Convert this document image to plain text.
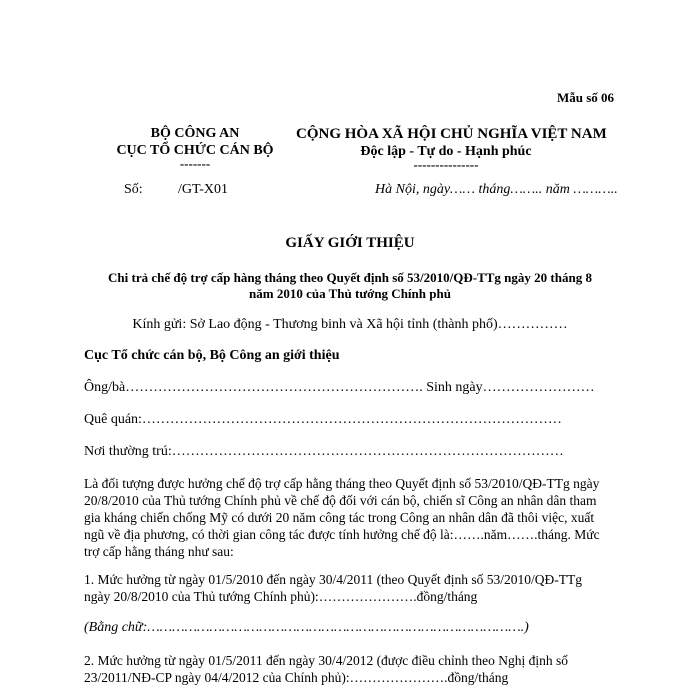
Mẫu số 06
BỘ CÔNG AN
CỤC TỔ CHỨC CÁN BỘ
-------
Số:	/GT-X01
CỘNG HÒA XÃ HỘI CHỦ NGHĨA VIỆT NAM
Độc lập - Tự do - Hạnh phúc
---------------
Hà Nội, ngày…… tháng…….. năm ………..
GIẤY GIỚI THIỆU
Chi trả chế độ trợ cấp hàng tháng theo Quyết định số 53/2010/QĐ-TTg ngày 20 tháng 8
năm 2010 của Thủ tướng Chính phủ
Kính gửi: Sở Lao động - Thương binh và Xã hội tỉnh (thành phố)……………
Cục Tổ chức cán bộ, Bộ Công an giới thiệu
Ông/bà………………………………………………………. Sinh ngày……………………
Quê quán:………………………………………………………………………………
Nơi thường trú:…………………………………………………………………………
Là đối tượng được hưởng chế độ trợ cấp hằng tháng theo Quyết định số 53/2010/QĐ-TTg ngày 20/8/2010 của Thủ tướng Chính phủ về chế độ đối với cán bộ, chiến sĩ Công an nhân dân tham gia kháng chiến chống Mỹ có dưới 20 năm công tác trong Công an nhân dân đã thôi việc, xuất ngũ về địa phương, có thời gian công tác được tính hưởng chế độ là:…….năm…….tháng. Mức trợ cấp hằng tháng như sau:
1. Mức hưởng từ ngày 01/5/2010 đến ngày 30/4/2011 (theo Quyết định số 53/2010/QĐ-TTg ngày 20/8/2010 của Thủ tướng Chính phủ):………………….đồng/tháng
(Bằng chữ:……………………………………………………………………………….)
2. Mức hưởng từ ngày 01/5/2011 đến ngày 30/4/2012 (được điều chỉnh theo Nghị định số 23/2011/NĐ-CP ngày 04/4/2012 của Chính phủ):………………….đồng/tháng
